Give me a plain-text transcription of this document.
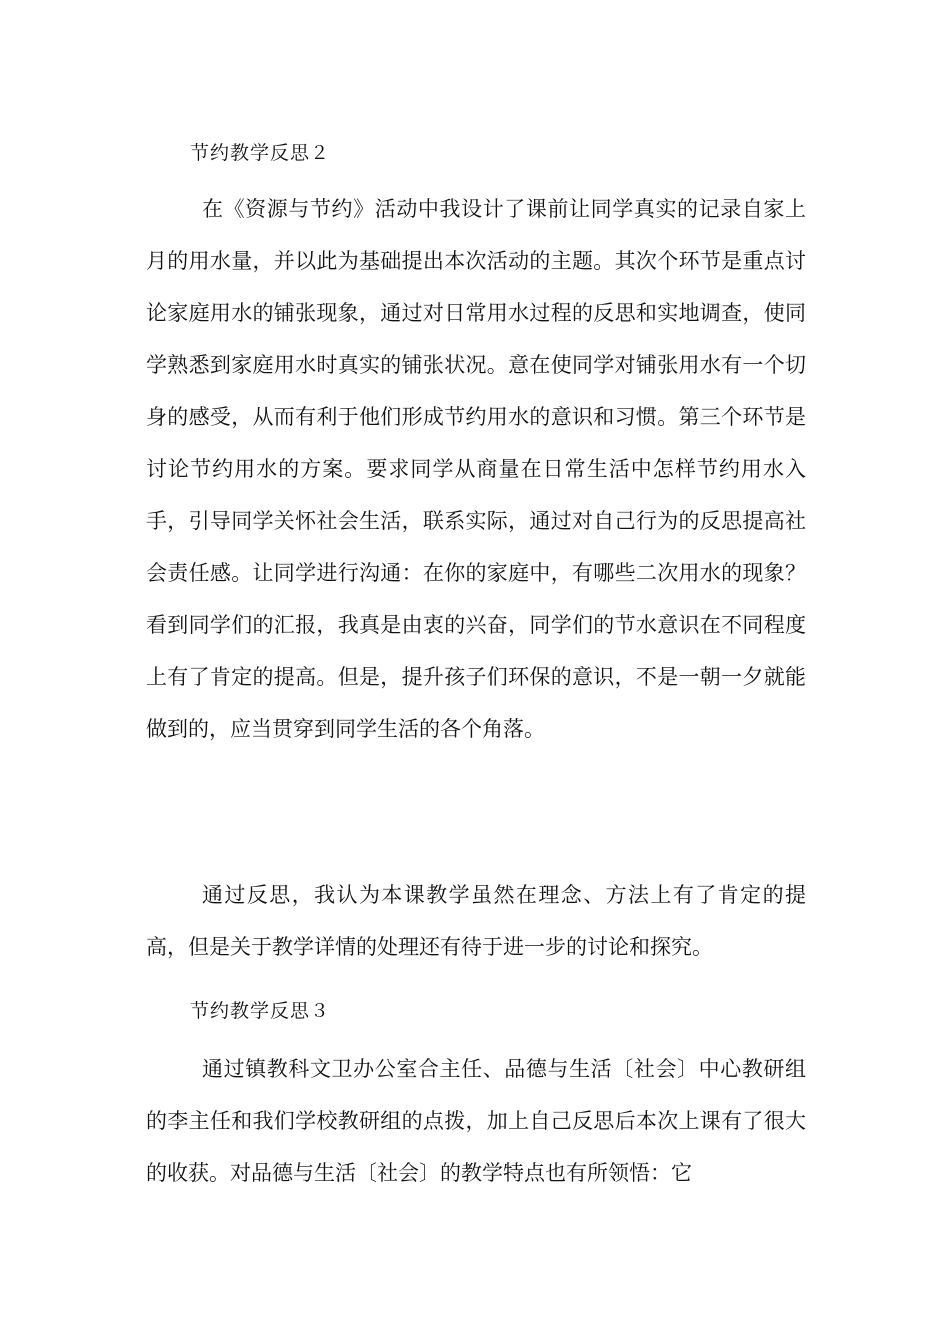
节约教学反思２

在《资源与节约》活动中我设计了课前让同学真实的记录自家上月的用水量，并以此为基础提出本次活动的主题。其次个环节是重点讨论家庭用水的铺张现象，通过对日常用水过程的反思和实地调查，使同学熟悉到家庭用水时真实的铺张状况。意在使同学对铺张用水有一个切身的感受，从而有利于他们形成节约用水的意识和习惯。第三个环节是讨论节约用水的方案。要求同学从商量在日常生活中怎样节约用水入手，引导同学关怀社会生活，联系实际，通过对自己行为的反思提高社会责任感。让同学进行沟通：在你的家庭中，有哪些二次用水的现象？看到同学们的汇报，我真是由衷的兴奋，同学们的节水意识在不同程度上有了肯定的提高。但是，提升孩子们环保的意识，不是一朝一夕就能做到的，应当贯穿到同学生活的各个角落。

通过反思，我认为本课教学虽然在理念、方法上有了肯定的提高，但是关于教学详情的处理还有待于进一步的讨论和探究。

节约教学反思３

通过镇教科文卫办公室合主任、品德与生活〔社会〕中心教研组的李主任和我们学校教研组的点拨，加上自己反思后本次上课有了很大的收获。对品德与生活〔社会〕的教学特点也有所领悟：它
